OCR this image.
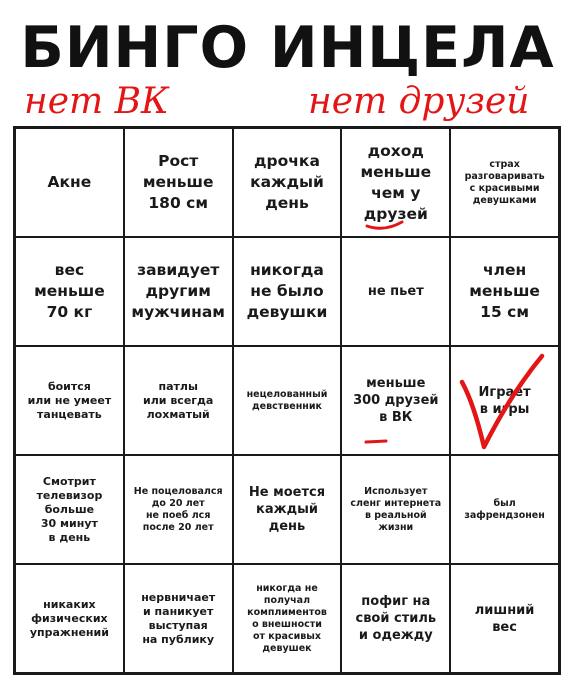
БИНГО ИНЦЕЛА
нет ВК	нет друзей
Акне
Рост
меньше
180 см
дрочка
каждый
день
доход
меньше
чем у
друзей
страх
разговаривать
с красивыми
девушками
вес
меньше
70 кг
завидует
другим
мужчинам
никогда
не было
девушки
не пьет
член
меньше
15 см
боится
или не умеет
танцевать
патлы
или всегда
лохматый
нецелованный
девственник
меньше
300 друзей
в ВК
Играет
в игры
Смотрит
телевизор
больше
30 минут
в день
Не поцеловался
до 20 лет
не поеб лся
после 20 лет
Не моется
каждый
день
Использует
сленг интернета
в реальной
жизни
был
зафрендзонен
никаких
физических
упражнений
нервничает
и паникует
выступая
на публику
никогда не
получал
комплиментов
о внешности
от красивых
девушек
пофиг на
свой стиль
и одежду
лишний
вес
